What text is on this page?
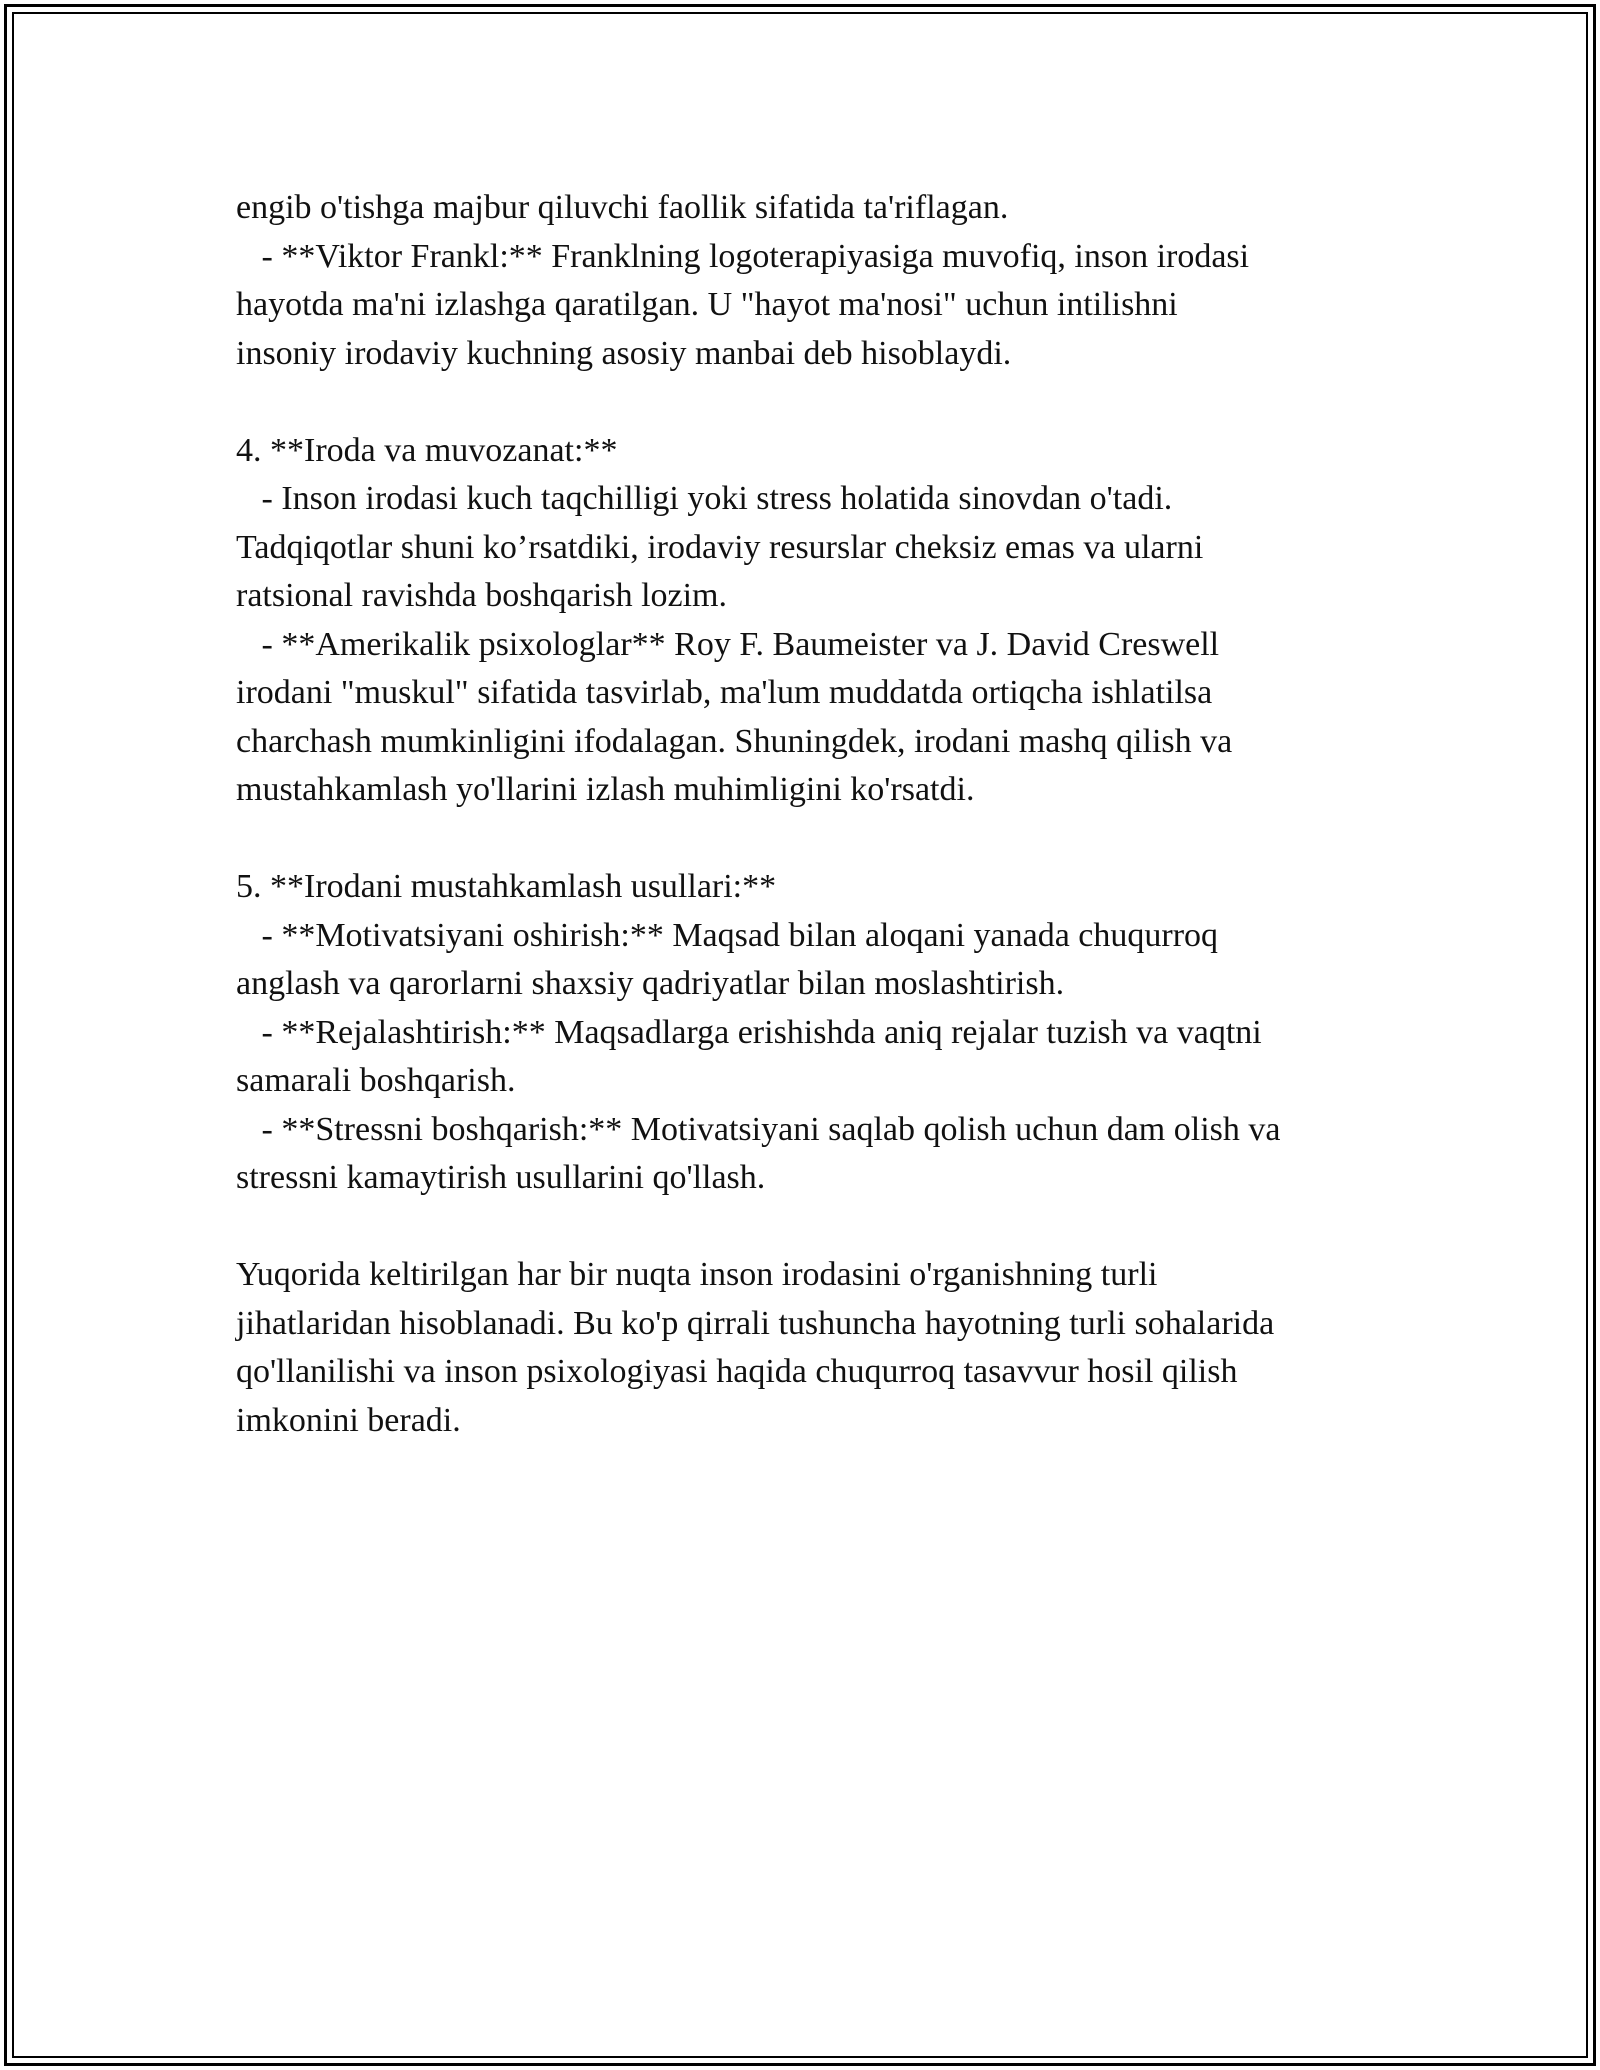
engib o'tishga majbur qiluvchi faollik sifatida ta'riflagan.
- **Viktor Frankl:** Franklning logoterapiyasiga muvofiq, inson irodasi
hayotda ma'ni izlashga qaratilgan. U "hayot ma'nosi" uchun intilishni
insoniy irodaviy kuchning asosiy manbai deb hisoblaydi.
4. **Iroda va muvozanat:**
- Inson irodasi kuch taqchilligi yoki stress holatida sinovdan o'tadi.
Tadqiqotlar shuni ko’rsatdiki, irodaviy resurslar cheksiz emas va ularni
ratsional ravishda boshqarish lozim.
- **Amerikalik psixologlar** Roy F. Baumeister va J. David Creswell
irodani "muskul" sifatida tasvirlab, ma'lum muddatda ortiqcha ishlatilsa
charchash mumkinligini ifodalagan. Shuningdek, irodani mashq qilish va
mustahkamlash yo'llarini izlash muhimligini ko'rsatdi.
5. **Irodani mustahkamlash usullari:**
- **Motivatsiyani oshirish:** Maqsad bilan aloqani yanada chuqurroq
anglash va qarorlarni shaxsiy qadriyatlar bilan moslashtirish.
- **Rejalashtirish:** Maqsadlarga erishishda aniq rejalar tuzish va vaqtni
samarali boshqarish.
- **Stressni boshqarish:** Motivatsiyani saqlab qolish uchun dam olish va
stressni kamaytirish usullarini qo'llash.
Yuqorida keltirilgan har bir nuqta inson irodasini o'rganishning turli
jihatlaridan hisoblanadi. Bu ko'p qirrali tushuncha hayotning turli sohalarida
qo'llanilishi va inson psixologiyasi haqida chuqurroq tasavvur hosil qilish
imkonini beradi.
